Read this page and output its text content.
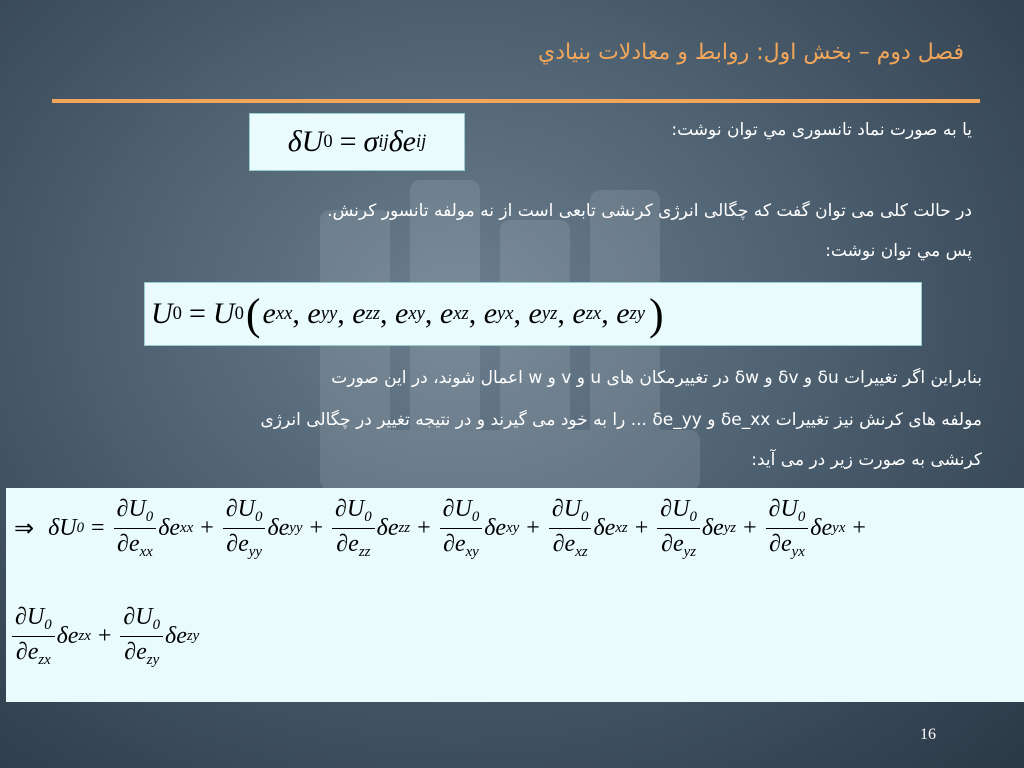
فصل دوم – بخش اول: روابط و معادلات بنيادي
δU 0 = σ ij δe ij
يا به صورت نماد تانسوری مي توان نوشت:
در حالت کلی می توان گفت که چگالی انرژی کرنشی تابعی است از نه مولفه تانسور کرنش.
پس مي توان نوشت:
U 0 = U 0 ( e xx , e yy , e zz , e xy , e xz , e yx , e yz , e zx , e zy )
بنابراين اگر تغييرات δu و δv و δw در تغييرمکان های u و v و w اعمال شوند، در اين صورت
مولفه های کرنش نيز تغييرات δe_xx و δe_yy ... را به خود می گيرند و در نتيجه تغيير در چگالی انرژی
کرنشی به صورت زير در می آيد:
⇒ δU $0 = \frac{\partial U_0}{\partial e_{xx}}$ δe xx + $\frac{\partial U_0}{\partial e_{yy}}$ δe yy + $\frac{\partial U_0}{\partial e_{zz}}$ δe zz + $\frac{\partial U_0}{\partial e_{xy}}$ δe xy + $\frac{\partial U_0}{\partial e_{xz}}$ δe xz + $\frac{\partial U_0}{\partial e_{yz}}$ δe yz + $\frac{\partial U_0}{\partial e_{yx}}$ δe yx +
$\frac{\partial U_0}{\partial e_{zx}}$ δe zx + $\frac{\partial U_0}{\partial e_{zy}}$ δe zy
16
